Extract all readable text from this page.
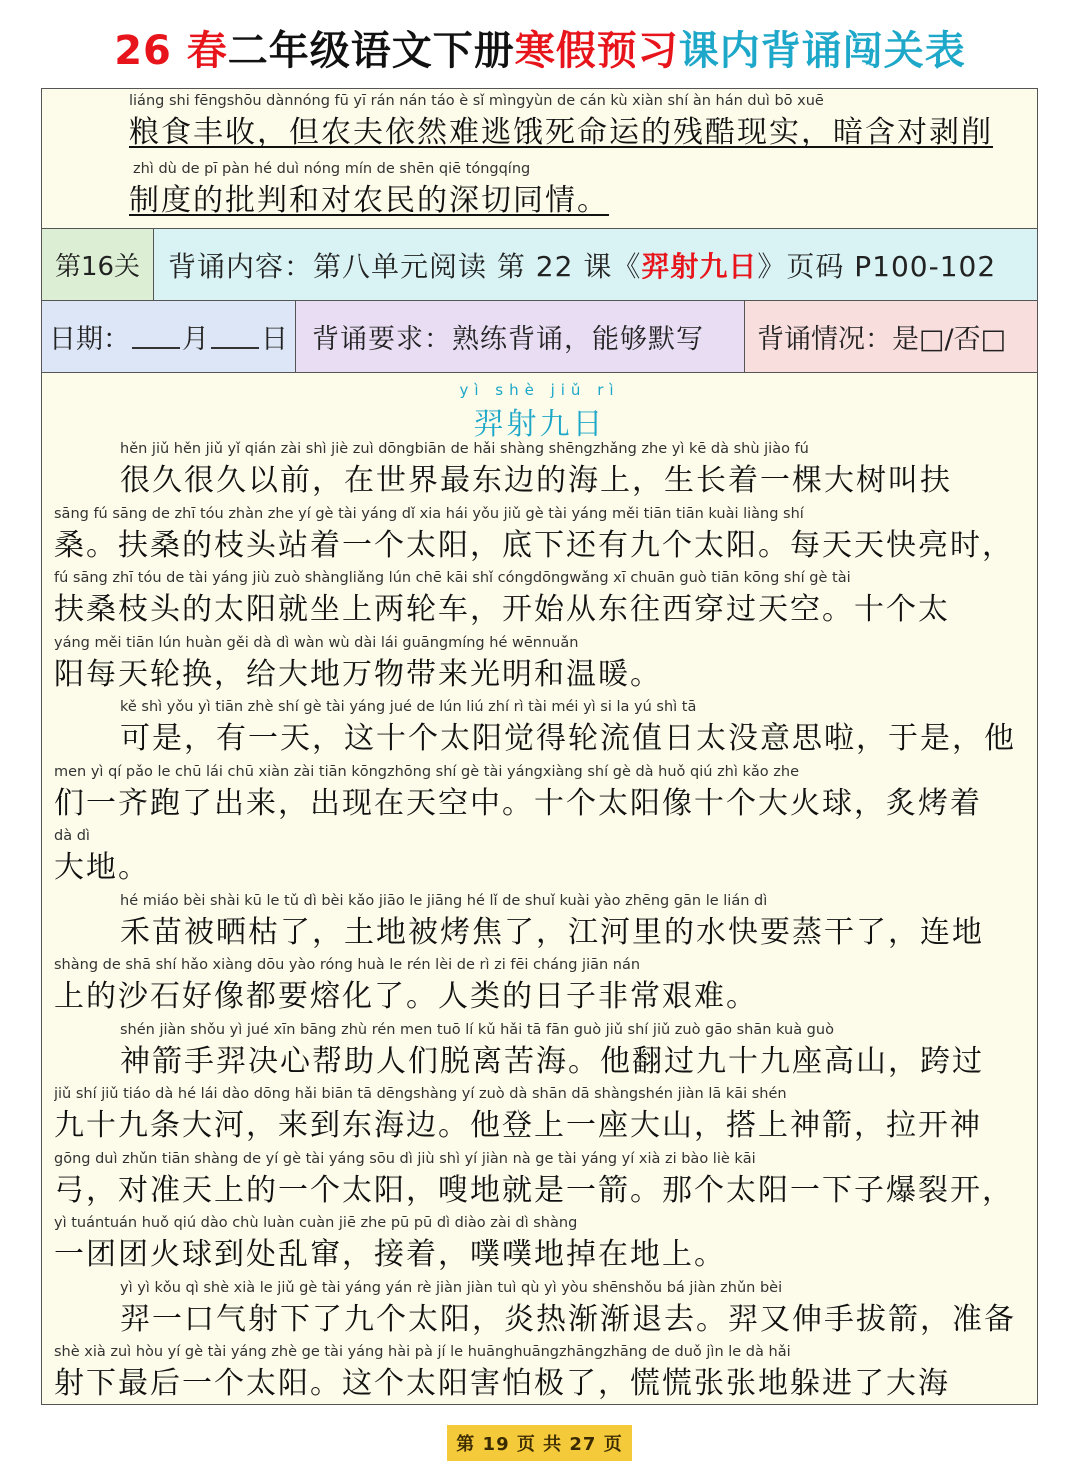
26 春二年级语文下册寒假预习课内背诵闯关表
liáng shi fēngshōu dànnóng fū yī rán nán táo è sǐ mìngyùn de cán kù xiàn shí àn hán duì bō xuē
粮食丰收，但农夫依然难逃饿死命运的残酷现实，暗含对剥削
zhì dù de pī pàn hé duì nóng mín de shēn qiē tóngqíng
制度的批判和对农民的深切同情。
第16关 背诵内容：第八单元阅读 第 22 课《 羿射九日 》页码 P100-102
日期： 月 日 背诵要求：熟练背诵，能够默写	背诵情况：是□/否□
yì shè jiǔ rì
羿射九日
hěn jiǔ hěn jiǔ yǐ qián zài shì jiè zuì dōngbiān de hǎi shàng shēngzhǎng zhe yì kē dà shù jiào fú
很久很久以前，在世界最东边的海上，生长着一棵大树叫扶
sāng fú sāng de zhī tóu zhàn zhe yí gè tài yáng dǐ xia hái yǒu jiǔ gè tài yáng měi tiān tiān kuài liàng shí
桑。扶桑的枝头站着一个太阳，底下还有九个太阳。每天天快亮时，
fú sāng zhī tóu de tài yáng jiù zuò shàngliǎng lún chē kāi shǐ cóngdōngwǎng xī chuān guò tiān kōng shí gè tài
扶桑枝头的太阳就坐上两轮车，开始从东往西穿过天空。十个太
yáng měi tiān lún huàn gěi dà dì wàn wù dài lái guāngmíng hé wēnnuǎn
阳每天轮换，给大地万物带来光明和温暖。
kě shì yǒu yì tiān zhè shí gè tài yáng jué de lún liú zhí rì tài méi yì si la yú shì tā
可是，有一天，这十个太阳觉得轮流值日太没意思啦，于是，他
men yì qí pǎo le chū lái chū xiàn zài tiān kōngzhōng shí gè tài yángxiàng shí gè dà huǒ qiú zhì kǎo zhe
们一齐跑了出来，出现在天空中。十个太阳像十个大火球，炙烤着
dà dì
大地。
hé miáo bèi shài kū le tǔ dì bèi kǎo jiāo le jiāng hé lǐ de shuǐ kuài yào zhēng gān le lián dì
禾苗被晒枯了，土地被烤焦了，江河里的水快要蒸干了，连地
shàng de shā shí hǎo xiàng dōu yào róng huà le rén lèi de rì zi fēi cháng jiān nán
上的沙石好像都要熔化了。人类的日子非常艰难。
shén jiàn shǒu yì jué xīn bāng zhù rén men tuō lí kǔ hǎi tā fān guò jiǔ shí jiǔ zuò gāo shān kuà guò
神箭手羿决心帮助人们脱离苦海。他翻过九十九座高山，跨过
jiǔ shí jiǔ tiáo dà hé lái dào dōng hǎi biān tā dēngshàng yí zuò dà shān dā shàngshén jiàn lā kāi shén
九十九条大河，来到东海边。他登上一座大山，搭上神箭，拉开神
gōng duì zhǔn tiān shàng de yí gè tài yáng sōu dì jiù shì yí jiàn nà ge tài yáng yí xià zi bào liè kāi
弓，对准天上的一个太阳，嗖地就是一箭。那个太阳一下子爆裂开，
yì tuántuán huǒ qiú dào chù luàn cuàn jiē zhe pū pū dì diào zài dì shàng
一团团火球到处乱窜，接着，噗噗地掉在地上。
yì yì kǒu qì shè xià le jiǔ gè tài yáng yán rè jiàn jiàn tuì qù yì yòu shēnshǒu bá jiàn zhǔn bèi
羿一口气射下了九个太阳，炎热渐渐退去。羿又伸手拔箭，准备
shè xià zuì hòu yí gè tài yáng zhè ge tài yáng hài pà jí le huānghuāngzhāngzhāng de duǒ jìn le dà hǎi
射下最后一个太阳。这个太阳害怕极了，慌慌张张地躲进了大海
第 19 页 共 27 页
